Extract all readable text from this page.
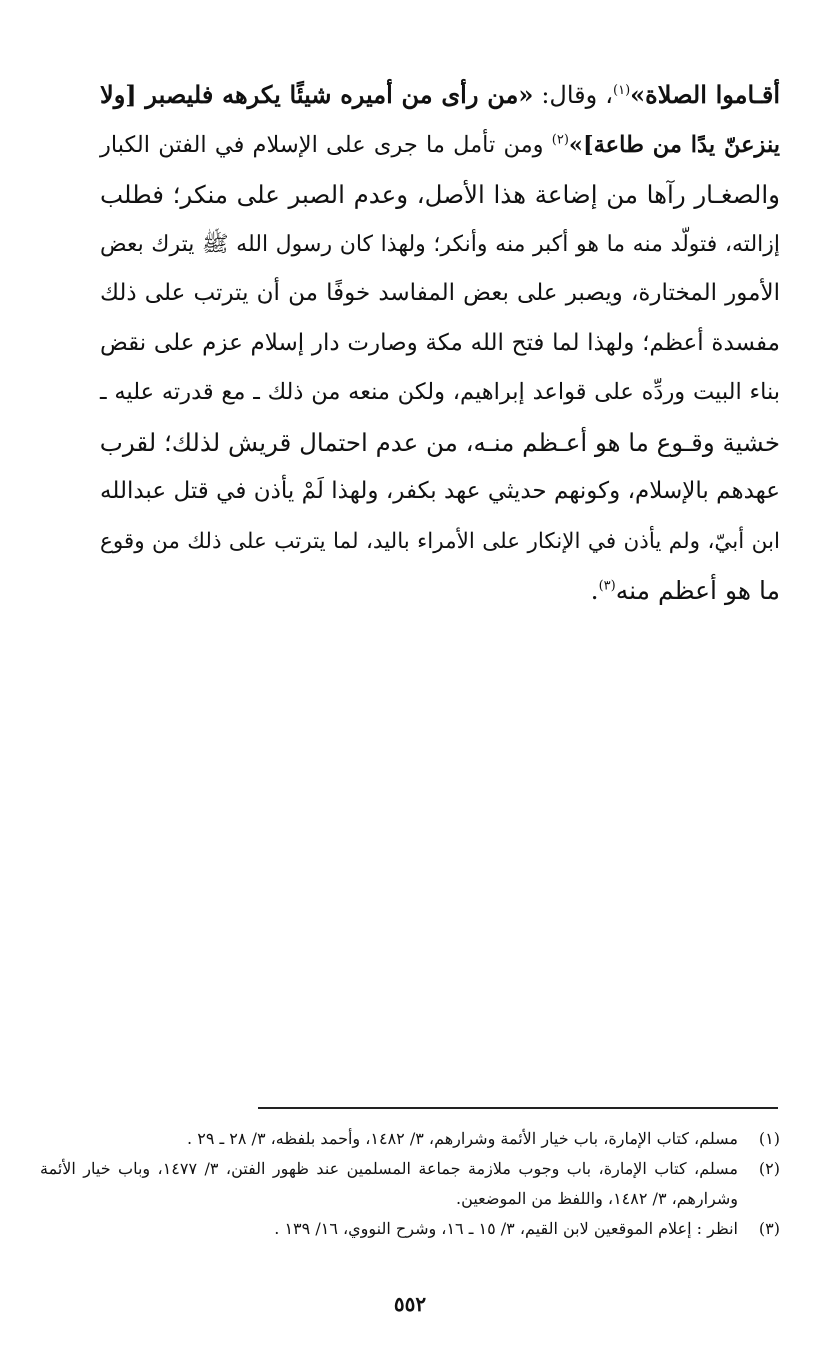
أقـاموا الصلاة»$^{(١)}$، وقال: «من رأى من أميره شيئًا يكرهه فليصبر [ولا
ينزعنّ يدًا من طاعة]»$^{(٢)}$ ومن تأمل ما جرى على الإسلام في الفتن الكبار
والصغـار رآها من إضاعة هذا الأصل، وعدم الصبر على منكر؛ فطلب
إزالته، فتولّد منه ما هو أكبر منه وأنكر؛ ولهذا كان رسول الله ﷺ يترك بعض
الأمور المختارة، ويصبر على بعض المفاسد خوفًا من أن يترتب على ذلك
مفسدة أعظم؛ ولهذا لما فتح الله مكة وصارت دار إسلام عزم على نقض
بناء البيت وردِّه على قواعد إبراهيم، ولكن منعه من ذلك ـ مع قدرته عليه ـ
خشية وقـوع ما هو أعـظم منـه، من عدم احتمال قريش لذلك؛ لقرب
عهدهم بالإسلام، وكونهم حديثي عهد بكفر، ولهذا لَمْ يأذن في قتل عبدالله
ابن أبيّ، ولم يأذن في الإنكار على الأمراء باليد، لما يترتب على ذلك من وقوع
ما هو أعظم منه$^{(٣)}$.
(١)
مسلم، كتاب الإمارة، باب خيار الأئمة وشرارهم، ٣/ ١٤٨٢، وأحمد بلفظه، ٣/ ٢٨ ـ ٢٩ .
(٢)
مسلم، كتاب الإمارة، باب وجوب ملازمة جماعة المسلمين عند ظهور الفتن، ٣/ ١٤٧٧، وباب خيار الأئمة وشرارهم، ٣/ ١٤٨٢، واللفظ من الموضعين.
(٣)
انظر : إعلام الموقعين لابن القيم، ٣/ ١٥ ـ ١٦، وشرح النووي، ١٦/ ١٣٩ .
٥٥٢
